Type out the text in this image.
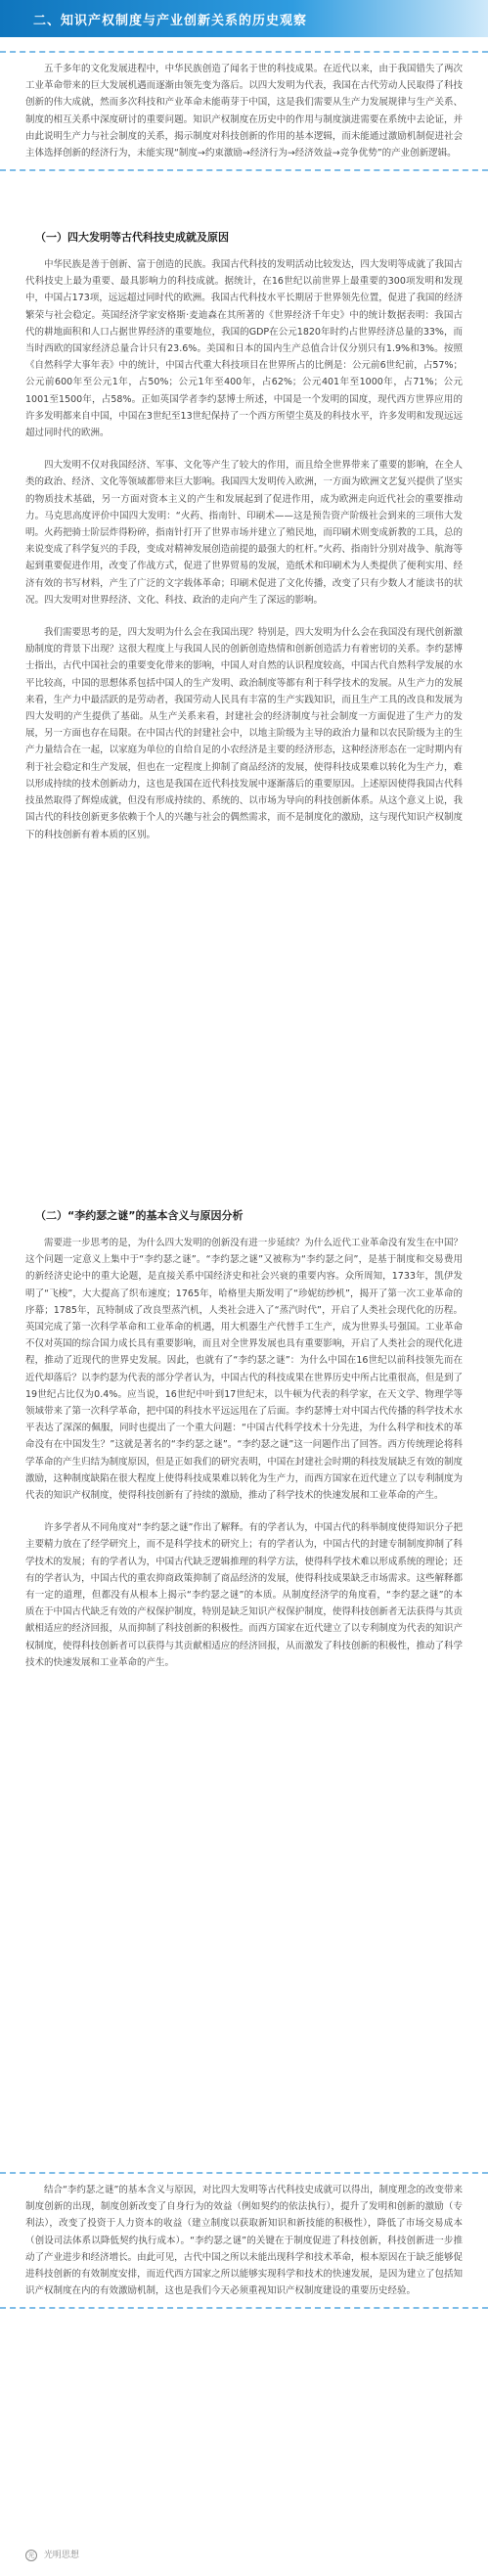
二、知识产权制度与产业创新关系的历史观察

五千多年的文化发展进程中，中华民族创造了闻名于世的科技成果。在近代以来，由于我国错失了两次工业革命带来的巨大发展机遇而逐渐由领先变为落后。以四大发明为代表，我国在古代劳动人民取得了科技创新的伟大成就，然而多次科技和产业革命未能萌芽于中国，这是我们需要从生产力发展规律与生产关系、制度的相互关系中深度研讨的重要问题。知识产权制度在历史中的作用与制度演进需要在系统中去论证，并由此说明生产力与社会制度的关系，揭示制度对科技创新的作用的基本逻辑，而未能通过激励机制促进社会主体选择创新的经济行为，未能实现“制度→约束激励→经济行为→经济效益→竞争优势”的产业创新逻辑。

（一）四大发明等古代科技史成就及原因

中华民族是善于创新、富于创造的民族。我国古代科技的发明活动比较发达，四大发明等成就了我国古代科技史上最为重要、最具影响力的科技成就。据统计，在16世纪以前世界上最重要的300项发明和发现中，中国占173项，远远超过同时代的欧洲。我国古代科技水平长期居于世界领先位置，促进了我国的经济繁荣与社会稳定。英国经济学家安格斯·麦迪森在其所著的《世界经济千年史》中的统计数据表明：我国古代的耕地面积和人口占据世界经济的重要地位，我国的GDP在公元1820年时约占世界经济总量的33%，而当时西欧的国家经济总量合计只有23.6%。美国和日本的国内生产总值合计仅分别只有1.9%和3%。按照《自然科学大事年表》中的统计，中国古代重大科技项目在世界所占的比例是：公元前6世纪前，占57%；公元前600年至公元1年，占50%；公元1年至400年，占62%；公元401年至1000年，占71%；公元1001至1500年，占58%。正如英国学者李约瑟博士所述，中国是一个发明的国度，现代西方世界应用的许多发明都来自中国，中国在3世纪至13世纪保持了一个西方所望尘莫及的科技水平，许多发明和发现远远超过同时代的欧洲。

四大发明不仅对我国经济、军事、文化等产生了较大的作用，而且给全世界带来了重要的影响，在全人类的政治、经济、文化等领域都带来巨大影响。我国四大发明传入欧洲，一方面为欧洲文艺复兴提供了坚实的物质技术基础，另一方面对资本主义的产生和发展起到了促进作用，成为欧洲走向近代社会的重要推动力。马克思高度评价中国四大发明：“火药、指南针、印刷术——这是预告资产阶级社会到来的三项伟大发明。火药把骑士阶层炸得粉碎，指南针打开了世界市场并建立了殖民地，而印刷术则变成新教的工具，总的来说变成了科学复兴的手段，变成对精神发展创造前提的最强大的杠杆。”火药、指南针分别对战争、航海等起到重要促进作用，改变了作战方式，促进了世界贸易的发展，造纸术和印刷术为人类提供了便利实用、经济有效的书写材料，产生了广泛的文字载体革命；印刷术促进了文化传播，改变了只有少数人才能读书的状况。四大发明对世界经济、文化、科技、政治的走向产生了深远的影响。

我们需要思考的是，四大发明为什么会在我国出现？特别是，四大发明为什么会在我国没有现代创新激励制度的背景下出现？这很大程度上与我国人民的创新创造热情和创新创造活力有着密切的关系。李约瑟博士指出，古代中国社会的重要变化带来的影响，中国人对自然的认识程度较高，中国古代自然科学发展的水平比较高，中国的思想体系包括中国人的生产发明、政治制度等都有利于科学技术的发展。从生产力的发展来看，生产力中最活跃的是劳动者，我国劳动人民具有丰富的生产实践知识，而且生产工具的改良和发展为四大发明的产生提供了基础。从生产关系来看，封建社会的经济制度与社会制度一方面促进了生产力的发展，另一方面也存在局限。在中国古代的封建社会中，以地主阶级为主导的政治力量和以农民阶级为主的生产力量结合在一起，以家庭为单位的自给自足的小农经济是主要的经济形态，这种经济形态在一定时期内有利于社会稳定和生产发展，但也在一定程度上抑制了商品经济的发展，使得科技成果难以转化为生产力，难以形成持续的技术创新动力，这也是我国在近代科技发展中逐渐落后的重要原因。上述原因使得我国古代科技虽然取得了辉煌成就，但没有形成持续的、系统的、以市场为导向的科技创新体系。从这个意义上说，我国古代的科技创新更多依赖于个人的兴趣与社会的偶然需求，而不是制度化的激励，这与现代知识产权制度下的科技创新有着本质的区别。

（二）“李约瑟之谜”的基本含义与原因分析

需要进一步思考的是，为什么四大发明的创新没有进一步延续？为什么近代工业革命没有发生在中国？这个问题一定意义上集中于“李约瑟之谜”。“李约瑟之谜”又被称为“李约瑟之问”，是基于制度和交易费用的新经济史论中的重大论题，是直接关系中国经济史和社会兴衰的重要内容。众所周知，1733年，凯伊发明了“飞梭”，大大提高了织布速度；1765年，哈格里夫斯发明了“珍妮纺纱机”，揭开了第一次工业革命的序幕；1785年，瓦特制成了改良型蒸汽机，人类社会进入了“蒸汽时代”，开启了人类社会现代化的历程。英国完成了第一次科学革命和工业革命的机遇，用大机器生产代替手工生产，成为世界头号强国。工业革命不仅对英国的综合国力成长具有重要影响，而且对全世界发展也具有重要影响，开启了人类社会的现代化进程，推动了近现代的世界史发展。因此，也就有了“李约瑟之谜”：为什么中国在16世纪以前科技领先而在近代却落后？以李约瑟为代表的部分学者认为，中国古代的科技成果在世界历史中所占比重很高，但是到了19世纪占比仅为0.4%。应当说，16世纪中叶到17世纪末，以牛顿为代表的科学家，在天文学、物理学等领域带来了第一次科学革命，把中国的科技水平远远甩在了后面。李约瑟博士对中国古代传播的科学技术水平表达了深深的佩服，同时也提出了一个重大问题：“中国古代科学技术十分先进，为什么科学和技术的革命没有在中国发生？”这就是著名的“李约瑟之谜”。“李约瑟之谜”这一问题作出了回答。西方传统理论将科学革命的产生归结为制度原因，但是正如我们的研究表明，中国在封建社会时期的科技发展缺乏有效的制度激励，这种制度缺陷在很大程度上使得科技成果难以转化为生产力，而西方国家在近代建立了以专利制度为代表的知识产权制度，使得科技创新有了持续的激励，推动了科学技术的快速发展和工业革命的产生。

许多学者从不同角度对“李约瑟之谜”作出了解释。有的学者认为，中国古代的科举制度使得知识分子把主要精力放在了经学研究上，而不是科学技术的研究上；有的学者认为，中国古代的封建专制制度抑制了科学技术的发展；有的学者认为，中国古代缺乏逻辑推理的科学方法，使得科学技术难以形成系统的理论；还有的学者认为，中国古代的重农抑商政策抑制了商品经济的发展，使得科技成果缺乏市场需求。这些解释都有一定的道理，但都没有从根本上揭示“李约瑟之谜”的本质。从制度经济学的角度看，“李约瑟之谜”的本质在于中国古代缺乏有效的产权保护制度，特别是缺乏知识产权保护制度，使得科技创新者无法获得与其贡献相适应的经济回报，从而抑制了科技创新的积极性。而西方国家在近代建立了以专利制度为代表的知识产权制度，使得科技创新者可以获得与其贡献相适应的经济回报，从而激发了科技创新的积极性，推动了科学技术的快速发展和工业革命的产生。

结合“李约瑟之谜”的基本含义与原因，对比四大发明等古代科技史成就可以得出，制度理念的改变带来制度创新的出现，制度创新改变了自身行为的效益（例如契约的依法执行），提升了发明和创新的激励（专利法），改变了投资于人力资本的收益（建立制度以获取新知识和新技能的积极性），降低了市场交易成本（创设司法体系以降低契约执行成本）。“李约瑟之谜”的关键在于制度促进了科技创新，科技创新进一步推动了产业进步和经济增长。由此可见，古代中国之所以未能出现科学和技术革命，根本原因在于缺乏能够促进科技创新的有效制度安排，而近代西方国家之所以能够实现科学和技术的快速发展，是因为建立了包括知识产权制度在内的有效激励机制，这也是我们今天必须重视知识产权制度建设的重要历史经验。

光 光明思想
